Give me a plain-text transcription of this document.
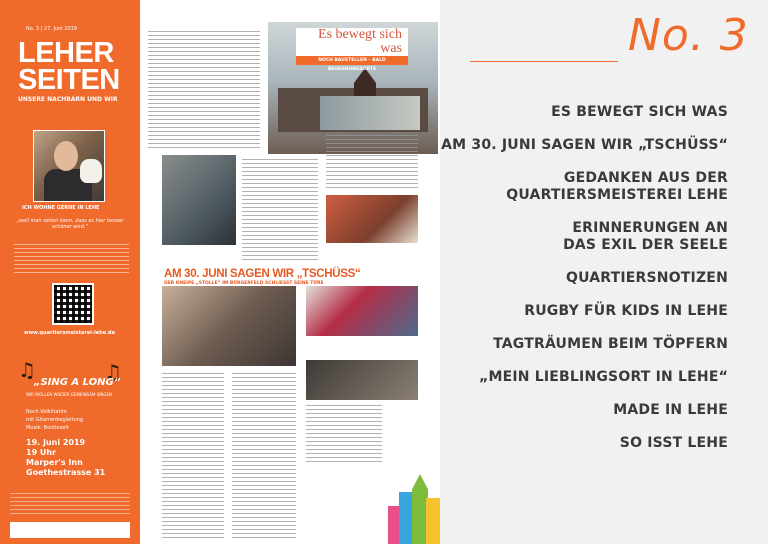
No. 3 | 27. Juni 2019
LEHER
SEITEN
UNSERE NACHBARN UND WIR
ICH WOHNE GERNE IN LEHE
„weil man sehen kann, dass es hier besser schöner wird.“
www.quartiersmeisterei-lehe.de
♫	♫
„SING A LONG“
WIR WOLLEN WIEDER GEMEINSAM SINGEN
Noch Volklitatim
mit Gitarrenbegleitung
Musik: Bootlezeit
19. Juni 2019
19 Uhr
Marper's Inn
Goethestrasse 31
Es bewegt sich was
NOCH BAUSTELLEN – BALD BEGEGNUNGSORTE
AM 30. JUNI SAGEN WIR „TSCHÜSS“
DER KNEIPE „STOLLE“ IM BÜRGERFELD SCHLIESST SEINE TÜRE
No. 3
ES BEWEGT SICH WAS
AM 30. JUNI SAGEN WIR „TSCHÜSS“
GEDANKEN AUS DER
QUARTIERSMEISTEREI LEHE
ERINNERUNGEN AN
DAS EXIL DER SEELE
QUARTIERSNOTIZEN
RUGBY FÜR KIDS IN LEHE
TAGTRÄUMEN BEIM TÖPFERN
„MEIN LIEBLINGSORT IN LEHE“
MADE IN LEHE
SO ISST LEHE
